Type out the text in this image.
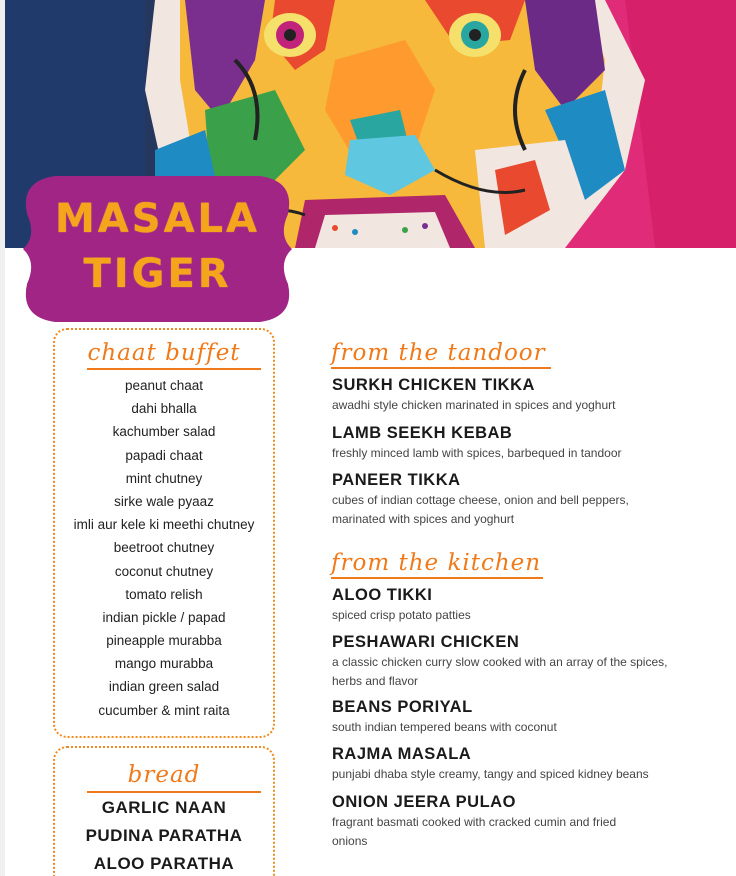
MASALA
TIGER
chaat buffet
peanut chaat
dahi bhalla
kachumber salad
papadi chaat
mint chutney
sirke wale pyaaz
imli aur kele ki meethi chutney
beetroot chutney
coconut chutney
tomato relish
indian pickle / papad
pineapple murabba
mango murabba
indian green salad
cucumber & mint raita
bread
GARLIC NAAN
PUDINA PARATHA
ALOO PARATHA
from the tandoor
SURKH CHICKEN TIKKA
awadhi style chicken marinated in spices and yoghurt
LAMB SEEKH KEBAB
freshly minced lamb with spices, barbequed in tandoor
PANEER TIKKA
cubes of indian cottage cheese, onion and bell peppers,
marinated with spices and yoghurt
from the kitchen
ALOO TIKKI
spiced crisp potato patties
PESHAWARI CHICKEN
a classic chicken curry slow cooked with an array of the spices,
herbs and flavor
BEANS PORIYAL
south indian tempered beans with coconut
RAJMA MASALA
punjabi dhaba style creamy, tangy and spiced kidney beans
ONION JEERA PULAO
fragrant basmati cooked with cracked cumin and fried
onions
